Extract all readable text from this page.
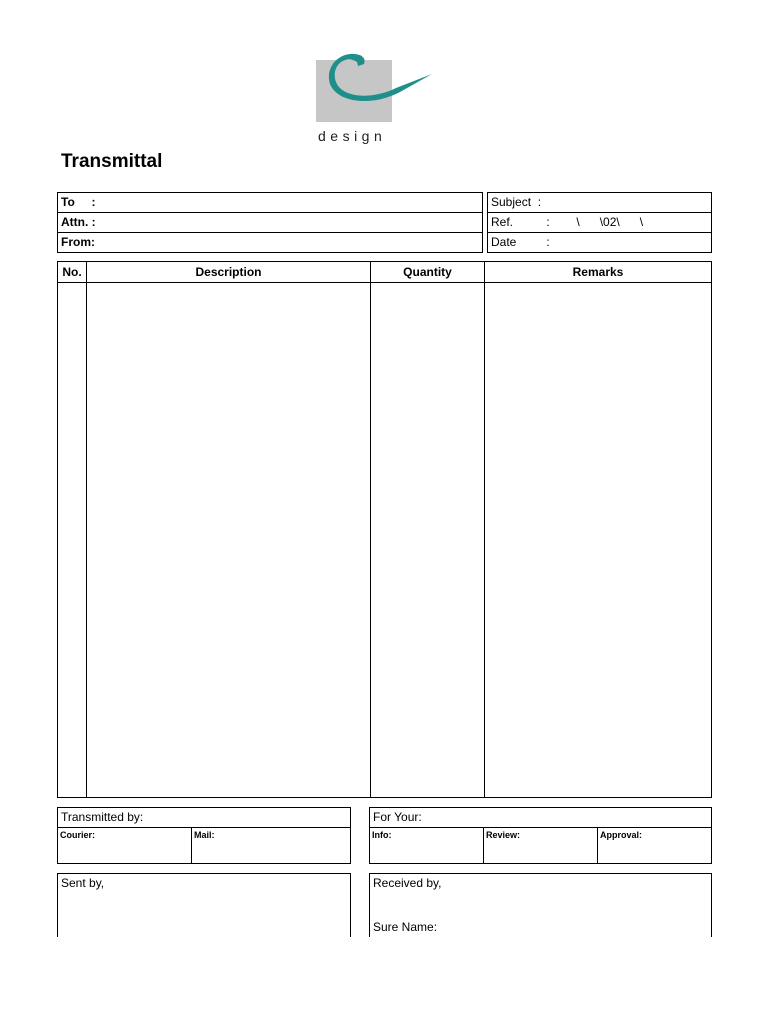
design
Transmittal
To     :
Attn. :
From:
Subject  :
Ref.          :        \      \02\      \
Date         :
No.	Description	Quantity	Remarks
Transmitted by:
Courier:	Mail:
For Your:
Info:	Review:	Approval:
Sent by,	Received by,
Sure Name:
